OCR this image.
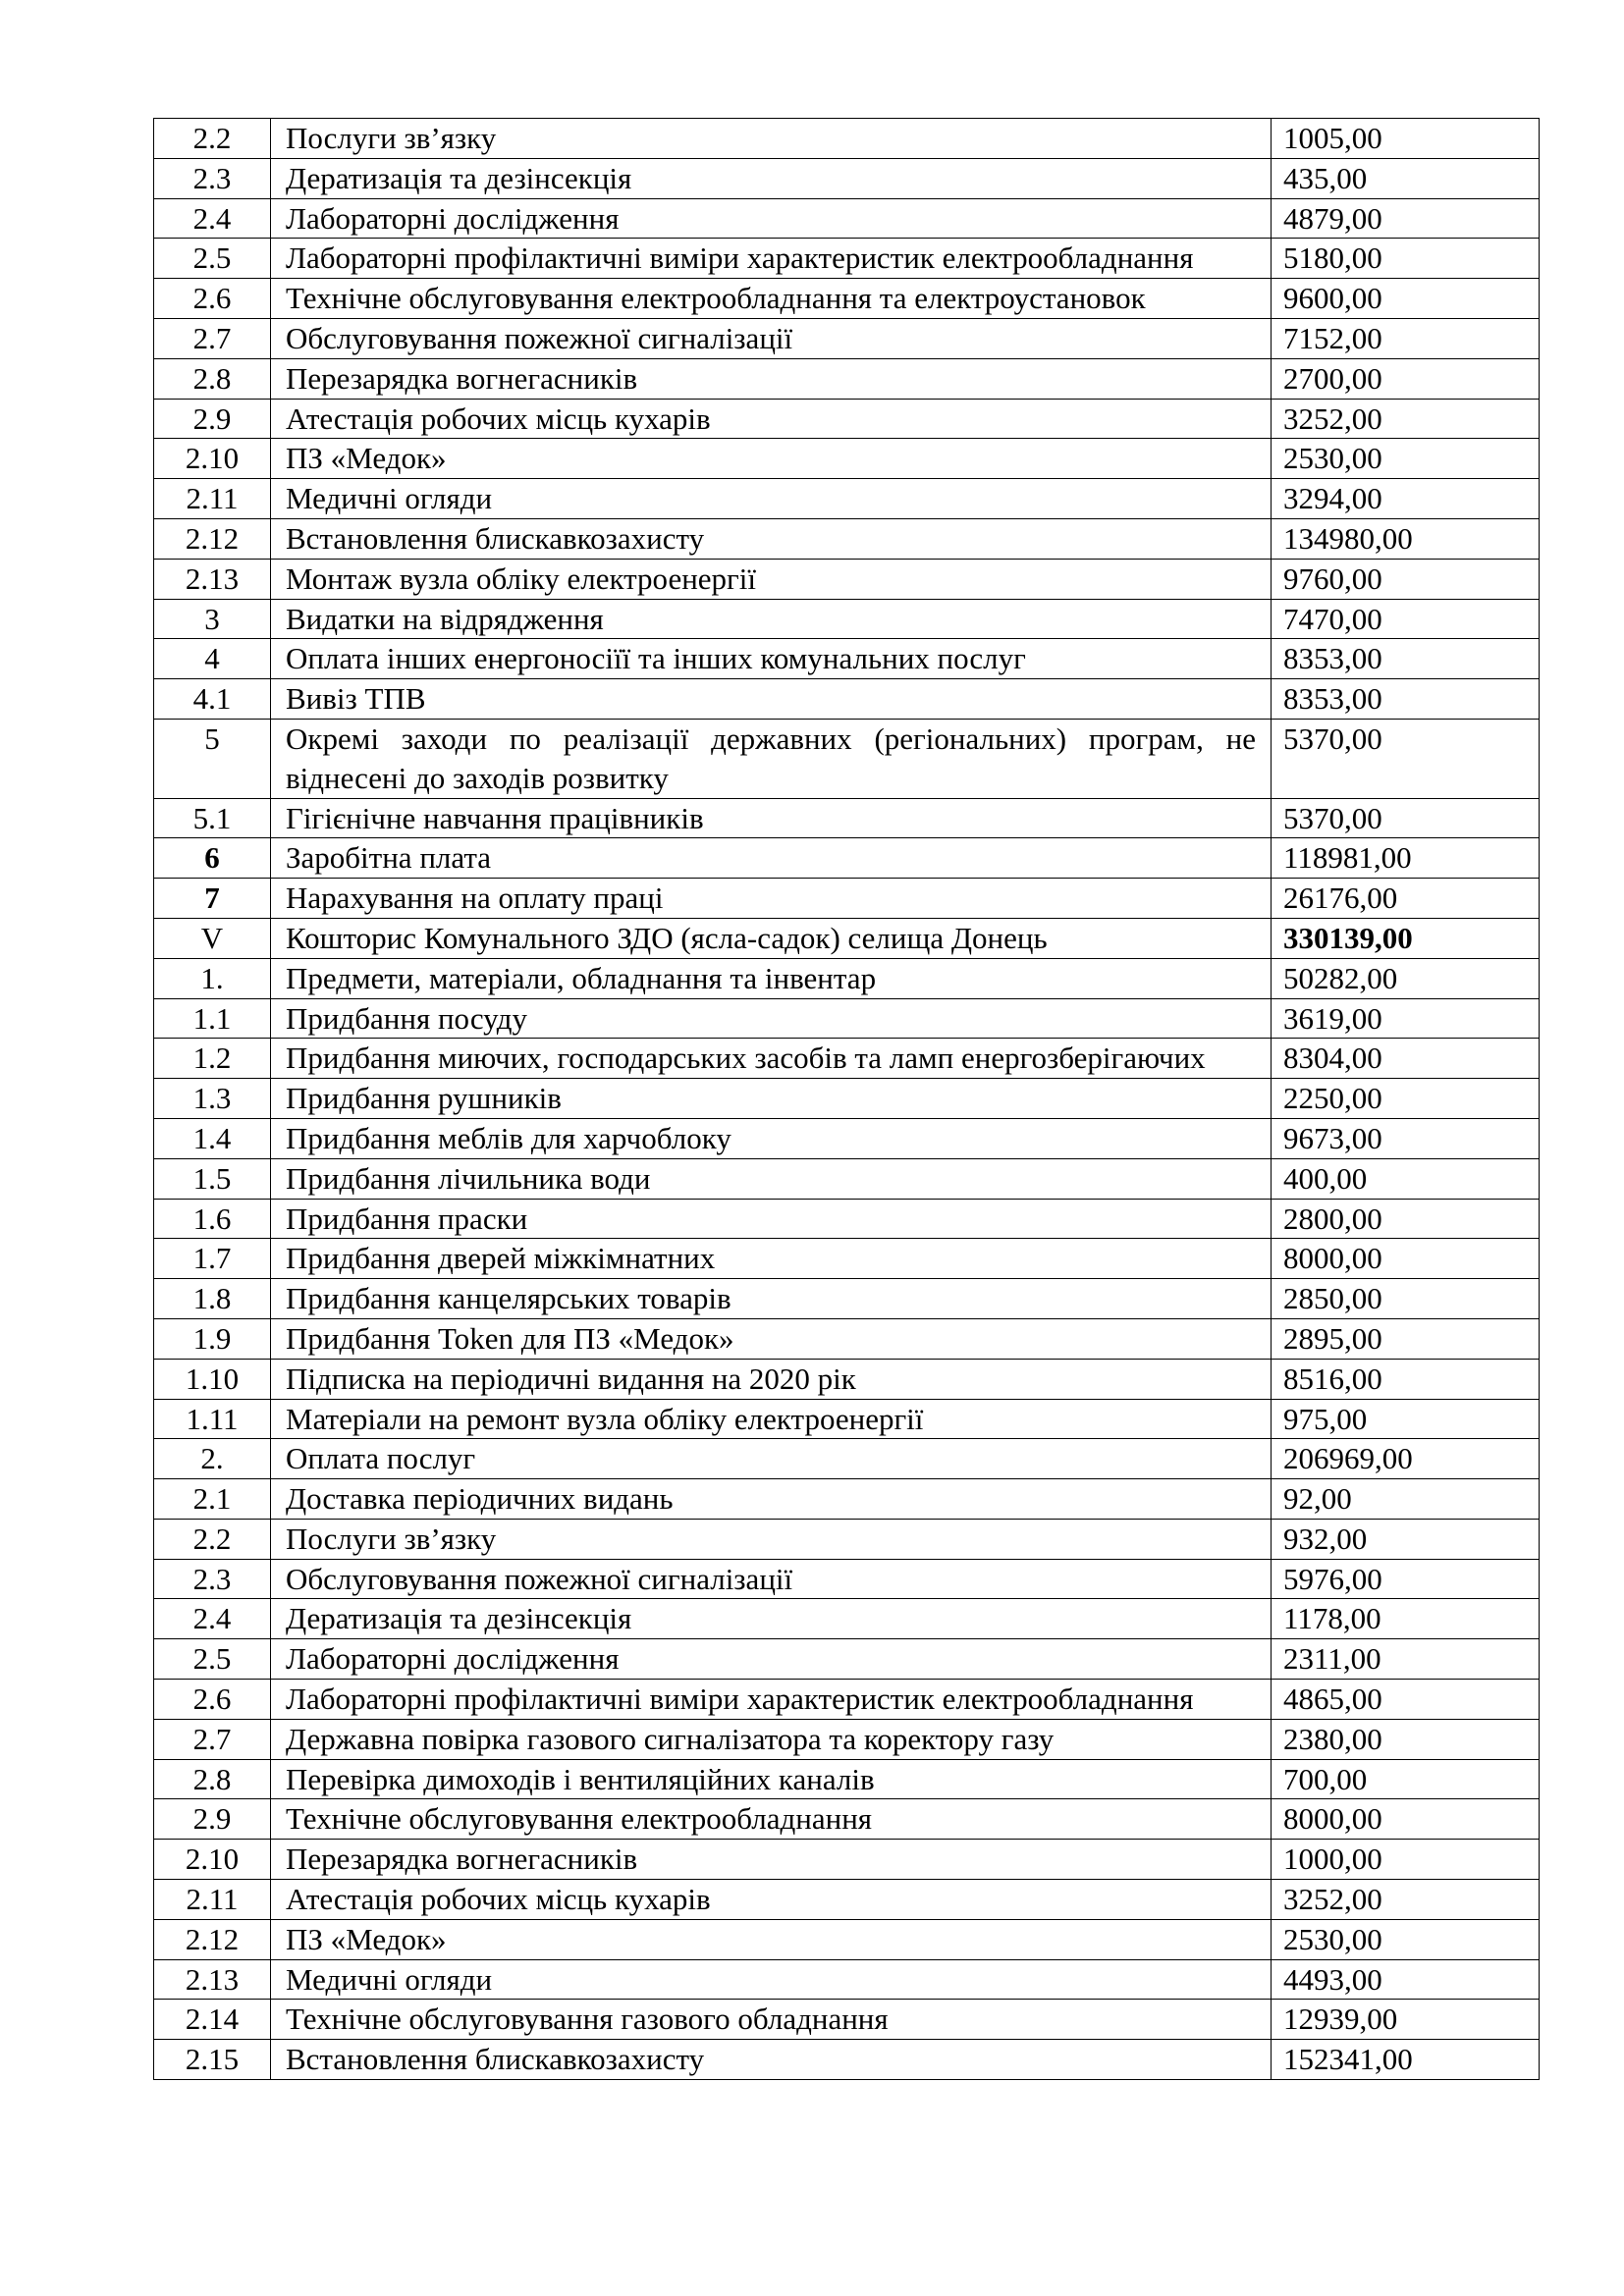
2.2	Послуги зв’язку	1005,00
2.3	Дератизація та дезінсекція	435,00
2.4	Лабораторні дослідження	4879,00
2.5	Лабораторні профілактичні виміри характеристик електрообладнання	5180,00
2.6	Технічне обслуговування електрообладнання та електроустановок	9600,00
2.7	Обслуговування пожежної сигналізації	7152,00
2.8	Перезарядка вогнегасників	2700,00
2.9	Атестація робочих місць кухарів	3252,00
2.10	ПЗ «Медок»	2530,00
2.11	Медичні огляди	3294,00
2.12	Встановлення блискавкозахисту	134980,00
2.13	Монтаж вузла обліку електроенергії	9760,00
3	Видатки на відрядження	7470,00
4	Оплата інших енергоносіїї та інших комунальних послуг	8353,00
4.1	Вивіз ТПВ	8353,00
5	Окремі заходи по реалізації державних (регіональних) програм, не віднесені до заходів розвитку	5370,00
5.1	Гігієнічне навчання працівників	5370,00
6	Заробітна плата	118981,00
7	Нарахування на оплату праці	26176,00
V	Кошторис Комунального ЗДО (ясла-садок) селища Донець	330139,00
1.	Предмети, матеріали, обладнання та інвентар	50282,00
1.1	Придбання посуду	3619,00
1.2	Придбання миючих, господарських засобів та ламп енергозберігаючих	8304,00
1.3	Придбання рушників	2250,00
1.4	Придбання меблів для харчоблоку	9673,00
1.5	Придбання лічильника води	400,00
1.6	Придбання праски	2800,00
1.7	Придбання дверей міжкімнатних	8000,00
1.8	Придбання канцелярських товарів	2850,00
1.9	Придбання Token для ПЗ «Медок»	2895,00
1.10	Підписка на періодичні видання на 2020 рік	8516,00
1.11	Матеріали на ремонт вузла обліку електроенергії	975,00
2.	Оплата послуг	206969,00
2.1	Доставка періодичних видань	92,00
2.2	Послуги зв’язку	932,00
2.3	Обслуговування пожежної сигналізації	5976,00
2.4	Дератизація та дезінсекція	1178,00
2.5	Лабораторні дослідження	2311,00
2.6	Лабораторні профілактичні виміри характеристик електрообладнання	4865,00
2.7	Державна повірка газового сигналізатора та коректору газу	2380,00
2.8	Перевірка димоходів і вентиляційних каналів	700,00
2.9	Технічне обслуговування електрообладнання	8000,00
2.10	Перезарядка вогнегасників	1000,00
2.11	Атестація робочих місць кухарів	3252,00
2.12	ПЗ «Медок»	2530,00
2.13	Медичні огляди	4493,00
2.14	Технічне обслуговування газового обладнання	12939,00
2.15	Встановлення блискавкозахисту	152341,00
